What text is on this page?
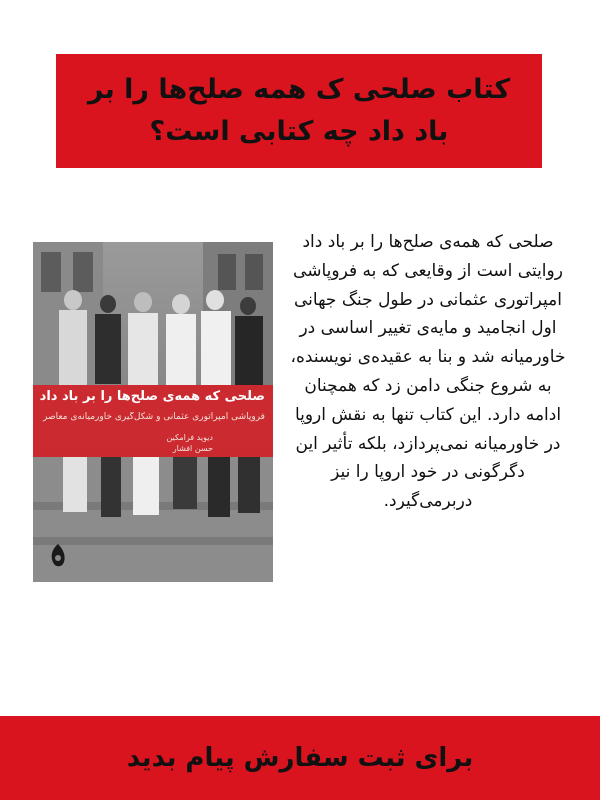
کتاب صلحی ک همه صلح‌ها را بر باد داد چه کتابی است؟
صلحی که همه‌ی صلح‌ها را بر باد داد
فروپاشی امپراتوری عثمانی و شکل‌گیری خاورمیانه‌ی معاصر
دیوید فرامکین
حسن افشار
صلحی که همه‌ی صلح‌ها را بر باد داد روایتی است از وقایعی که به فروپاشی امپراتوری عثمانی در طول جنگ جهانی اول انجامید و مایه‌ی تغییر اساسی در خاورمیانه شد و بنا به عقیده‌ی نویسنده، به شروع جنگی دامن زد که همچنان ادامه دارد. این کتاب تنها به نقش اروپا در خاورمیانه نمی‌پردازد، بلکه تأثیر این دگرگونی در خود اروپا را نیز دربرمی‌گیرد.
برای ثبت سفارش پیام بدید
